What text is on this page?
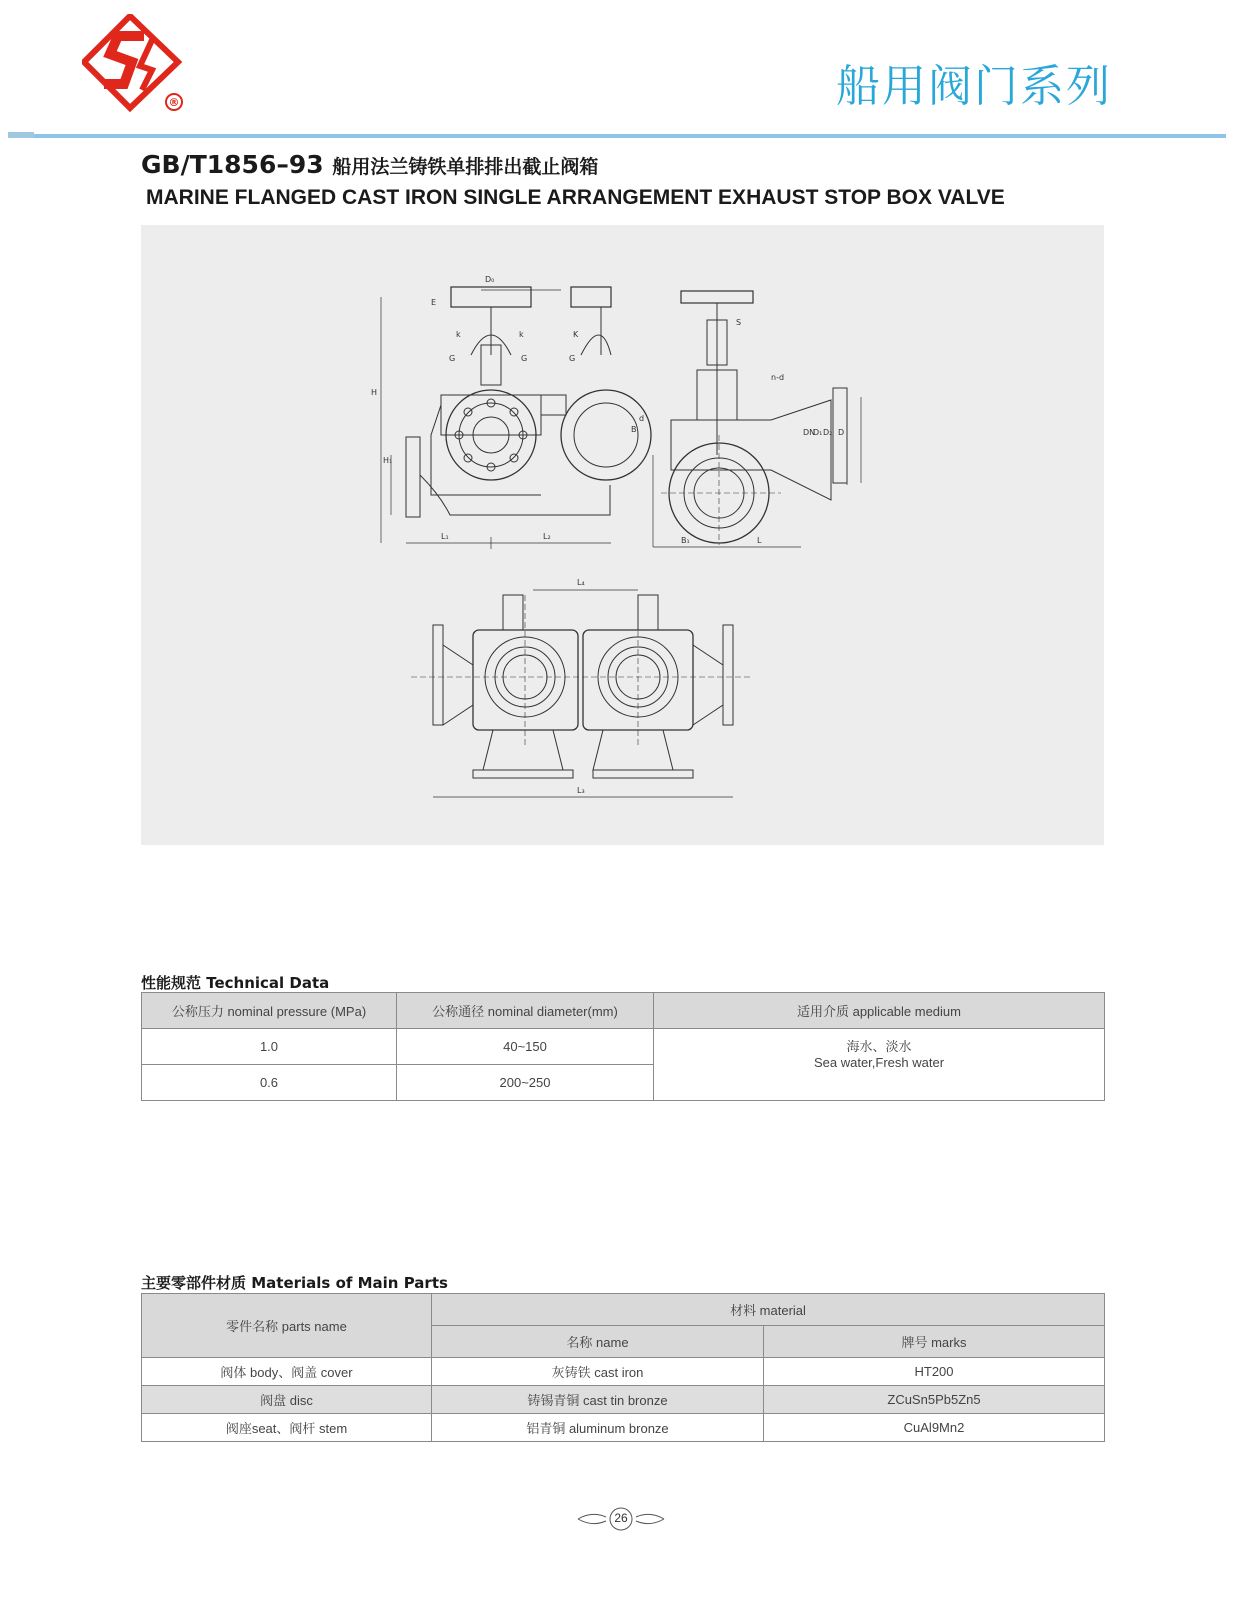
®	船用阀门系列
GB/T1856–93 船用法兰铸铁单排排出截止阀箱
MARINE FLANGED CAST IRON SINGLE ARRANGEMENT EXHAUST STOP BOX VALVE
D₀
E
H
H₁
k	k	K
G	G	G
S
L₁	L₂	B₁	L
B
d
n-d
DN
D₁ D₂ D
L₄
L₃
性能规范 Technical Data
公称压力 nominal pressure (MPa)	公称通径 nominal diameter(mm)	适用介质 applicable medium
1.0	40~150	海水、淡水
Sea water,Fresh water

0.6	200~250	
主要零部件材质 Materials of Main Parts
零件名称 parts name	材料 material	
	名称 name	牌号 marks
阀体 body、阀盖 cover	灰铸铁 cast iron	HT200
阀盘 disc	铸锡青铜 cast tin bronze	ZCuSn5Pb5Zn5
阀座seat、阀杆 stem	铝青铜 aluminum bronze	CuAl9Mn2
26
